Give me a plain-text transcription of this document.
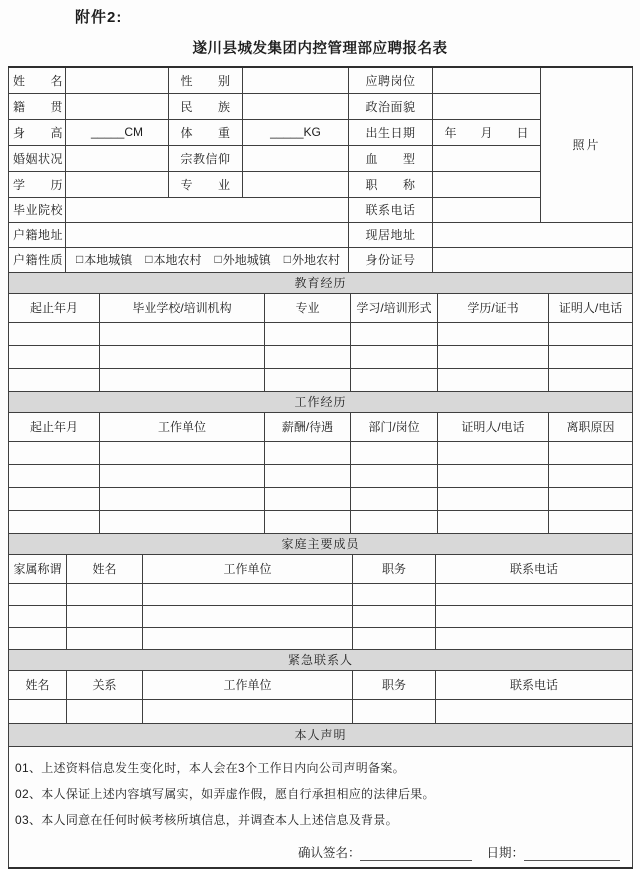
附件2:
遂川县城发集团内控管理部应聘报名表
姓　　名		性　　别		应聘岗位		照片
籍　　贯		民　　族		政治面貌		
身　　高	_____CM	体　　重	_____KG	出生日期	年　　月　　日	
婚姻状况		宗教信仰		血　　型		
学　　历		专　　业		职　　称		
毕业院校				联系电话		
户籍地址				现居地址		
户籍性质	□ 本地城镇 □ 本地农村 □ 外地城镇 □ 外地农村	身份证号	
教育经历					
起止年月	毕业学校/培训机构	专业	学习/培训形式	学历/证书	证明人/电话

工作经历					
起止年月	工作单位	薪酬/待遇	部门/岗位	证明人/电话	离职原因

家庭主要成员				
家属称谓	姓名	工作单位	职务	联系电话

紧急联系人				
姓名	关系	工作单位	职务	联系电话

本人声明

01、上述资料信息发生变化时，本人会在3个工作日内向公司声明备案。
02、本人保证上述内容填写属实，如弄虚作假，愿自行承担相应的法律后果。
03、本人同意在任何时候考核所填信息，并调查本人上述信息及背景。
确认签名：	日期：
